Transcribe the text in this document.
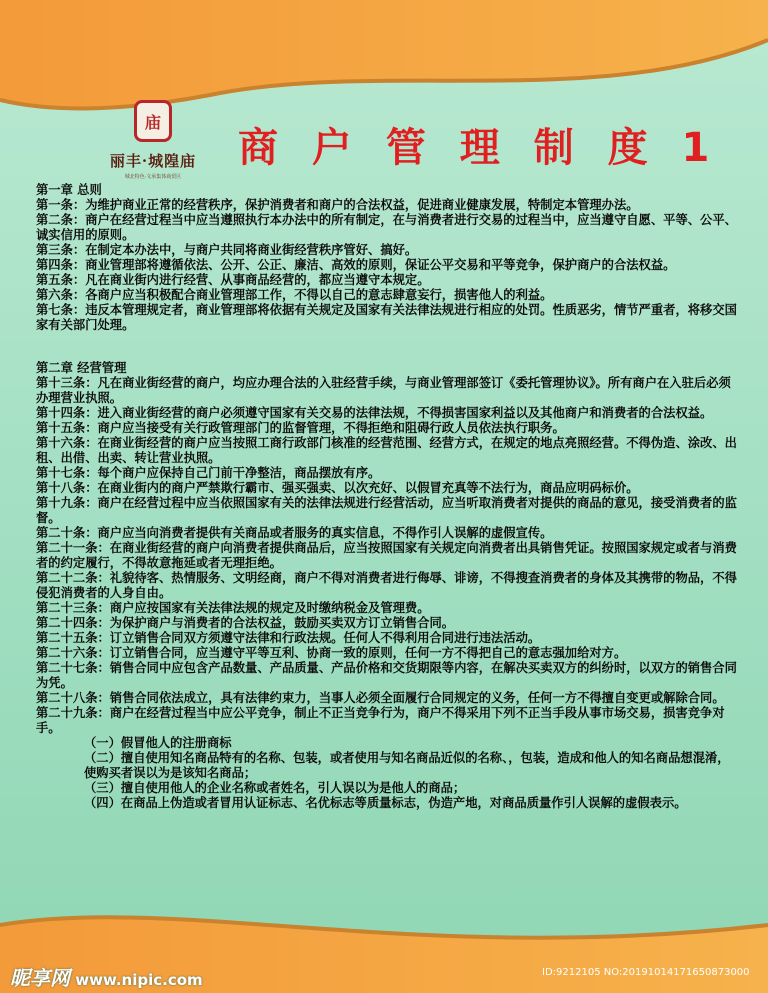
庙
丽丰·城隍庙
城北特色·文承集体商贸区
商 户 管 理 制 度 1

第一章 总则

第一条：为维护商业正常的经营秩序，保护消费者和商户的合法权益，促进商业健康发展，特制定本管理办法。

第二条：商户在经营过程当中应当遵照执行本办法中的所有制定，在与消费者进行交易的过程当中，应当遵守自愿、平等、公平、诚实信用的原则。

第三条：在制定本办法中，与商户共同将商业街经营秩序管好、搞好。

第四条：商业管理部将遵循依法、公开、公正、廉洁、高效的原则，保证公平交易和平等竞争，保护商户的合法权益。

第五条：凡在商业街内进行经营、从事商品经营的，都应当遵守本规定。

第六条：各商户应当积极配合商业管理部工作，不得以自己的意志肆意妄行，损害他人的利益。

第七条：违反本管理规定者，商业管理部将依据有关规定及国家有关法律法规进行相应的处罚。性质恶劣，情节严重者，将移交国家有关部门处理。

第二章 经营管理

第十三条：凡在商业街经营的商户，均应办理合法的入驻经营手续，与商业管理部签订《委托管理协议》。所有商户在入驻后必须办理营业执照。

第十四条：进入商业街经营的商户必须遵守国家有关交易的法律法规，不得损害国家利益以及其他商户和消费者的合法权益。

第十五条：商户应当接受有关行政管理部门的监督管理，不得拒绝和阻碍行政人员依法执行职务。

第十六条：在商业街经营的商户应当按照工商行政部门核准的经营范围、经营方式，在规定的地点亮照经营。不得伪造、涂改、出租、出借、出卖、转让营业执照。

第十七条：每个商户应保持自己门前干净整洁，商品摆放有序。

第十八条：在商业街内的商户严禁欺行霸市、强买强卖、以次充好、以假冒充真等不法行为，商品应明码标价。

第十九条：商户在经营过程中应当依照国家有关的法律法规进行经营活动，应当听取消费者对提供的商品的意见，接受消费者的监督。

第二十条：商户应当向消费者提供有关商品或者服务的真实信息，不得作引人误解的虚假宣传。

第二十一条：在商业街经营的商户向消费者提供商品后，应当按照国家有关规定向消费者出具销售凭证。按照国家规定或者与消费者的约定履行，不得故意拖延或者无理拒绝。

第二十二条：礼貌待客、热情服务、文明经商，商户不得对消费者进行侮辱、诽谤，不得搜查消费者的身体及其携带的物品，不得侵犯消费者的人身自由。

第二十三条：商户应按国家有关法律法规的规定及时缴纳税金及管理费。

第二十四条：为保护商户与消费者的合法权益，鼓励买卖双方订立销售合同。

第二十五条：订立销售合同双方须遵守法律和行政法规。任何人不得利用合同进行违法活动。

第二十六条：订立销售合同，应当遵守平等互利、协商一致的原则，任何一方不得把自己的意志强加给对方。

第二十七条：销售合同中应包含产品数量、产品质量、产品价格和交货期限等内容，在解决买卖双方的纠纷时，以双方的销售合同为凭。

第二十八条：销售合同依法成立，具有法律约束力，当事人必须全面履行合同规定的义务，任何一方不得擅自变更或解除合同。

第二十九条：商户在经营过程当中应公平竞争，制止不正当竞争行为，商户不得采用下列不正当手段从事市场交易，损害竞争对手。

（一）假冒他人的注册商标

（二）擅自使用知名商品特有的名称、包装，或者使用与知名商品近似的名称、，包装，造成和他人的知名商品想混淆，使购买者误以为是该知名商品；

（三）擅自使用他人的企业名称或者姓名，引人误以为是他人的商品；

（四）在商品上伪造或者冒用认证标志、名优标志等质量标志，伪造产地，对商品质量作引人误解的虚假表示。

昵享网 www.nipic.com	ID:9212105 NO:20191014171650873000
